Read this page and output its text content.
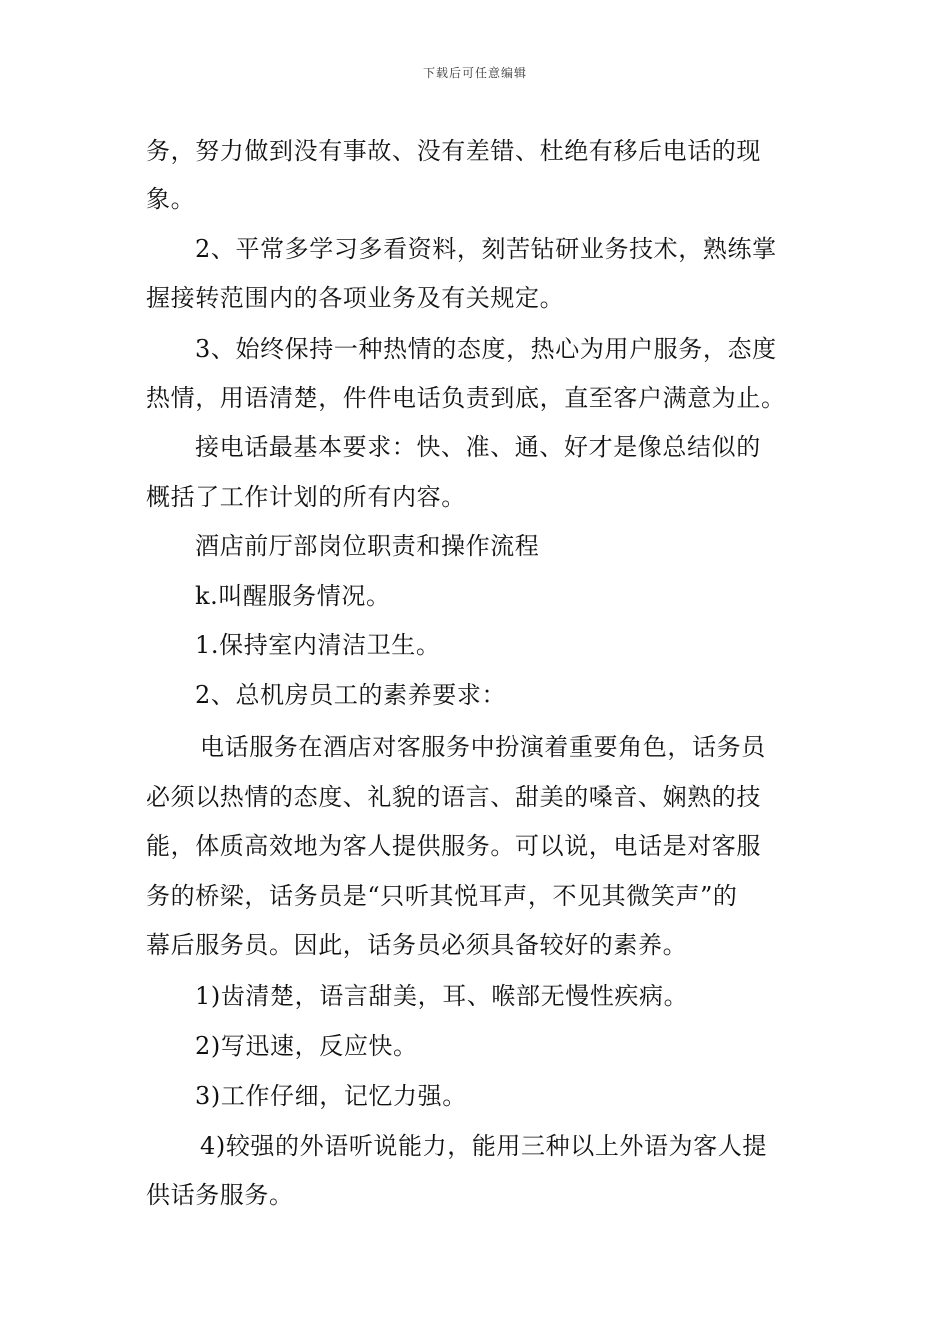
下载后可任意编辑
务，努力做到没有事故、没有差错、杜绝有移后电话的现
象。
2、平常多学习多看资料，刻苦钻研业务技术，熟练掌
握接转范围内的各项业务及有关规定。
3、始终保持一种热情的态度，热心为用户服务，态度
热情，用语清楚，件件电话负责到底，直至客户满意为止。
接电话最基本要求：快、准、通、好才是像总结似的
概括了工作计划的所有内容。
酒店前厅部岗位职责和操作流程
k.叫醒服务情况。
1.保持室内清洁卫生。
2、总机房员工的素养要求：
电话服务在酒店对客服务中扮演着重要角色，话务员
必须以热情的态度、礼貌的语言、甜美的嗓音、娴熟的技
能，体质高效地为客人提供服务。可以说，电话是对客服
务的桥梁，话务员是“只听其悦耳声，不见其微笑声”的
幕后服务员。因此，话务员必须具备较好的素养。
1)齿清楚，语言甜美，耳、喉部无慢性疾病。
2)写迅速，反应快。
3)工作仔细，记忆力强。
4)较强的外语听说能力，能用三种以上外语为客人提
供话务服务。
